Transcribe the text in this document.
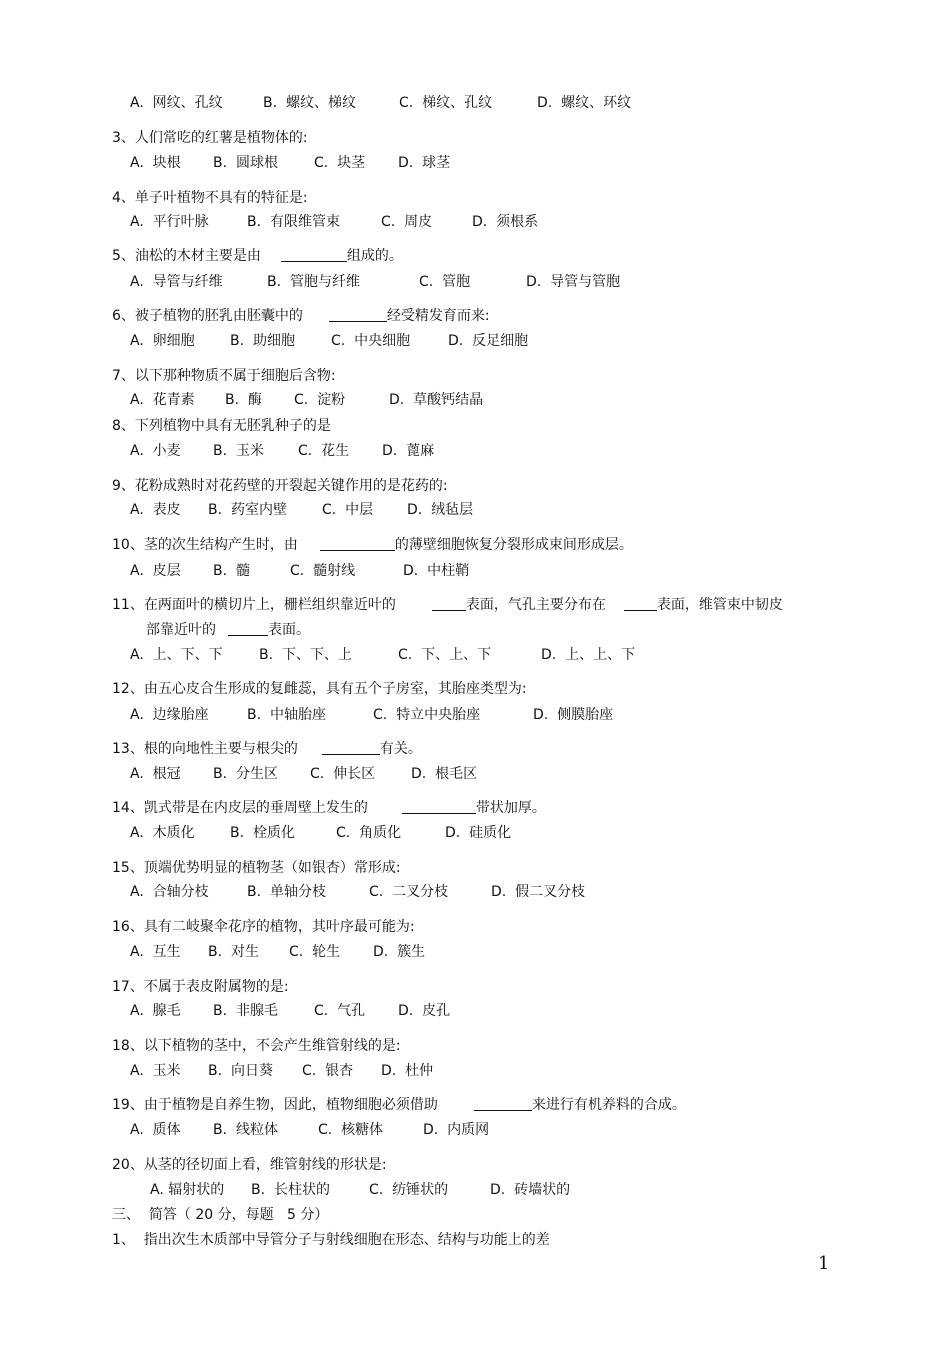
A.  网纹、孔纹	B.  螺纹、梯纹	C.  梯纹、孔纹	D.  螺纹、环纹
3、人们常吃的红薯是植物体的:
A.  块根 B.  圆球根	C.  块茎 D.  球茎
4、单子叶植物不具有的特征是:
A.  平行叶脉	B.  有限维管束	C.  周皮	D.  须根系
5、油松的木材主要是由	组成的。
A.  导管与纤维	B.  管胞与纤维	C.  管胞	D.  导管与管胞
6、被子植物的胚乳由胚囊中的	经受精发育而来:
A.  卵细胞	B.  助细胞	C.  中央细胞	D.  反足细胞
7、以下那种物质不属于细胞后含物:
A.  花青素 B.  酶 C.  淀粉	D.  草酸钙结晶
8、下列植物中具有无胚乳种子的是
A.  小麦 B.  玉米 C.  花生 D.  蓖麻
9、花粉成熟时对花药壁的开裂起关键作用的是花药的:
A.  表皮 B.  药室内壁	C.  中层 D.  绒毡层
10、茎的次生结构产生时，由	的薄壁细胞恢复分裂形成束间形成层。
A.  皮层 B.  髓	C.  髓射线	D.  中柱鞘
11、在两面叶的横切片上，栅栏组织靠近叶的	表面，气孔主要分布在	表面，维管束中韧皮
部靠近叶的	表面。
A.  上、下、下	B.  下、下、上	C.  下、上、下	D.  上、上、下
12、由五心皮合生形成的复雌蕊，具有五个子房室，其胎座类型为:
A.  边缘胎座	B.  中轴胎座	C.  特立中央胎座	D.  侧膜胎座
13、根的向地性主要与根尖的	有关。
A.  根冠 B.  分生区 C.  伸长区	D.  根毛区
14、凯式带是在内皮层的垂周壁上发生的	带状加厚。
A.  木质化	B.  栓质化	C.  角质化	D.  硅质化
15、顶端优势明显的植物茎（如银杏）常形成:
A.  合轴分枝	B.  单轴分枝	C.  二叉分枝	D.  假二叉分枝
16、具有二岐聚伞花序的植物，其叶序最可能为:
A.  互生 B.  对生 C.  轮生 D.  簇生
17、不属于表皮附属物的是:
A.  腺毛 B.  非腺毛	C.  气孔 D.  皮孔
18、以下植物的茎中，不会产生维管射线的是:
A.  玉米 B.  向日葵 C.  银杏 D.  杜仲
19、由于植物是自养生物，因此，植物细胞必须借助	来进行有机养料的合成。
A.  质体 B.  线粒体	C.  核糖体	D.  内质网
20、从茎的径切面上看，维管射线的形状是:
A. 辐射状的 B.  长柱状的	C.  纺锤状的	D.  砖墙状的
三、  简答（ 20 分，每题   5 分）
1、  指出次生木质部中导管分子与射线细胞在形态、结构与功能上的差
1
